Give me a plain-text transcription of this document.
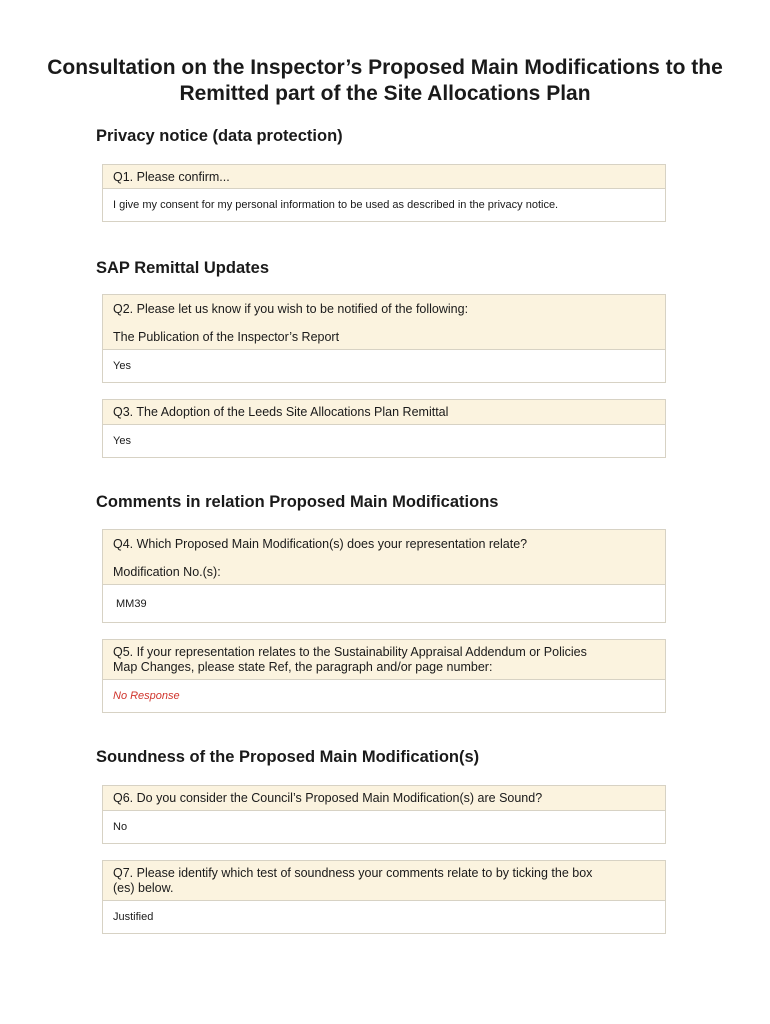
Consultation on the Inspector’s Proposed Main Modifications to the
Remitted part of the Site Allocations Plan
Privacy notice (data protection)
Q1. Please confirm...
I give my consent for my personal information to be used as described in the privacy notice.
SAP Remittal Updates
Q2. Please let us know if you wish to be notified of the following:
The Publication of the Inspector’s Report
Yes
Q3. The Adoption of the Leeds Site Allocations Plan Remittal
Yes
Comments in relation Proposed Main Modifications
Q4. Which Proposed Main Modification(s) does your representation relate?
Modification No.(s):
MM39
Q5. If your representation relates to the Sustainability Appraisal Addendum or Policies
Map Changes, please state Ref, the paragraph and/or page number:
No Response
Soundness of the Proposed Main Modification(s)
Q6. Do you consider the Council’s Proposed Main Modification(s) are Sound?
No
Q7. Please identify which test of soundness your comments relate to by ticking the box
(es) below.
Justified
